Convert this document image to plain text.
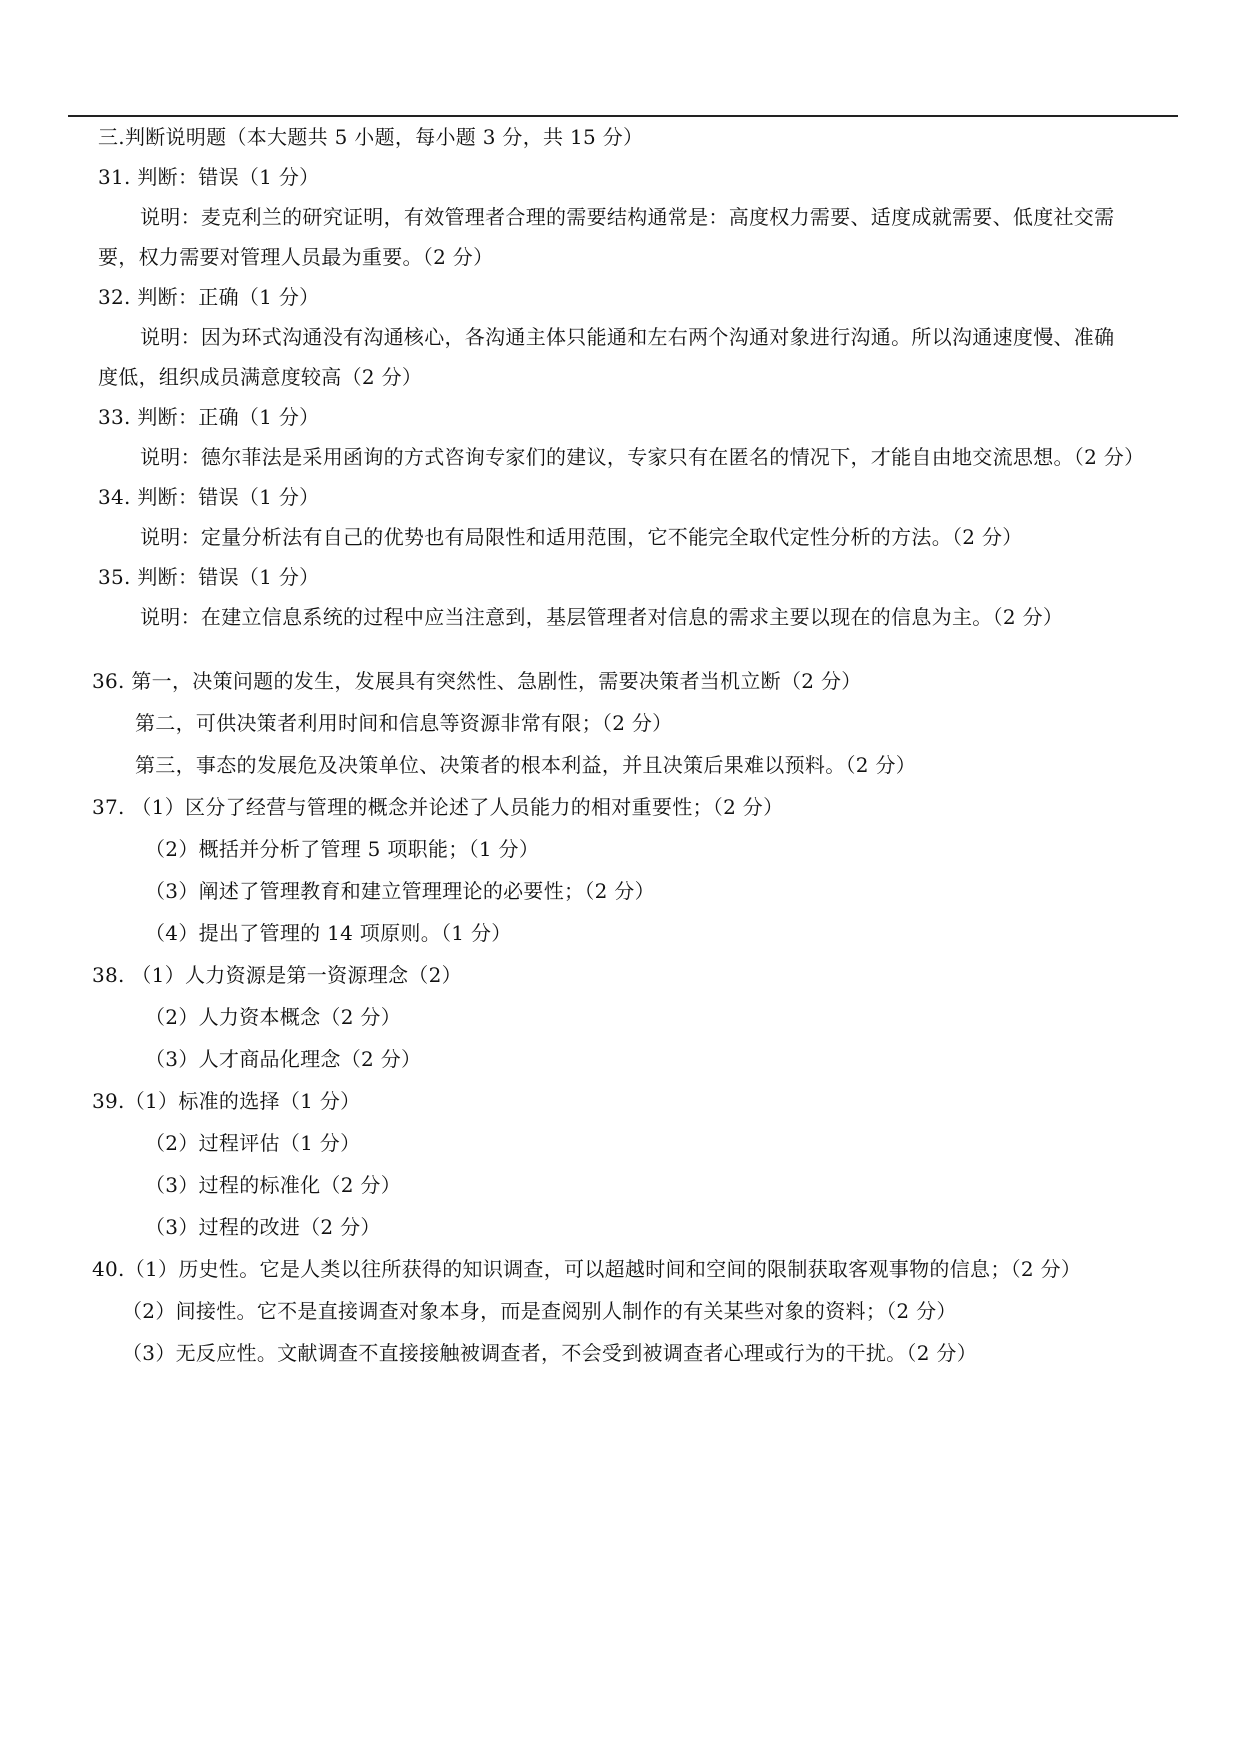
三.判断说明题（本大题共 5 小题，每小题 3 分，共 15 分）
31. 判断：错误（1 分）
说明：麦克利兰的研究证明，有效管理者合理的需要结构通常是：高度权力需要、适度成就需要、低度社交需
要，权力需要对管理人员最为重要。（2 分）
32. 判断：正确（1 分）
说明：因为环式沟通没有沟通核心，各沟通主体只能通和左右两个沟通对象进行沟通。所以沟通速度慢、准确
度低，组织成员满意度较高（2 分）
33. 判断：正确（1 分）
说明：德尔菲法是采用函询的方式咨询专家们的建议，专家只有在匿名的情况下，才能自由地交流思想。（2 分）
34. 判断：错误（1 分）
说明：定量分析法有自己的优势也有局限性和适用范围，它不能完全取代定性分析的方法。（2 分）
35. 判断：错误（1 分）
说明：在建立信息系统的过程中应当注意到，基层管理者对信息的需求主要以现在的信息为主。（2 分）
36. 第一，决策问题的发生，发展具有突然性、急剧性，需要决策者当机立断（2 分）
第二，可供决策者利用时间和信息等资源非常有限；（2 分）
第三，事态的发展危及决策单位、决策者的根本利益，并且决策后果难以预料。（2 分）
37. （1）区分了经营与管理的概念并论述了人员能力的相对重要性；（2 分）
（2）概括并分析了管理 5 项职能；（1 分）
（3）阐述了管理教育和建立管理理论的必要性；（2 分）
（4）提出了管理的 14 项原则。（1 分）
38. （1）人力资源是第一资源理念（2）
（2）人力资本概念（2 分）
（3）人才商品化理念（2 分）
39.（1）标准的选择（1 分）
（2）过程评估（1 分）
（3）过程的标准化（2 分）
（3）过程的改进（2 分）
40.（1）历史性。它是人类以往所获得的知识调查，可以超越时间和空间的限制获取客观事物的信息；（2 分）
（2）间接性。它不是直接调查对象本身，而是查阅别人制作的有关某些对象的资料；（2 分）
（3）无反应性。文献调查不直接接触被调查者，不会受到被调查者心理或行为的干扰。（2 分）
